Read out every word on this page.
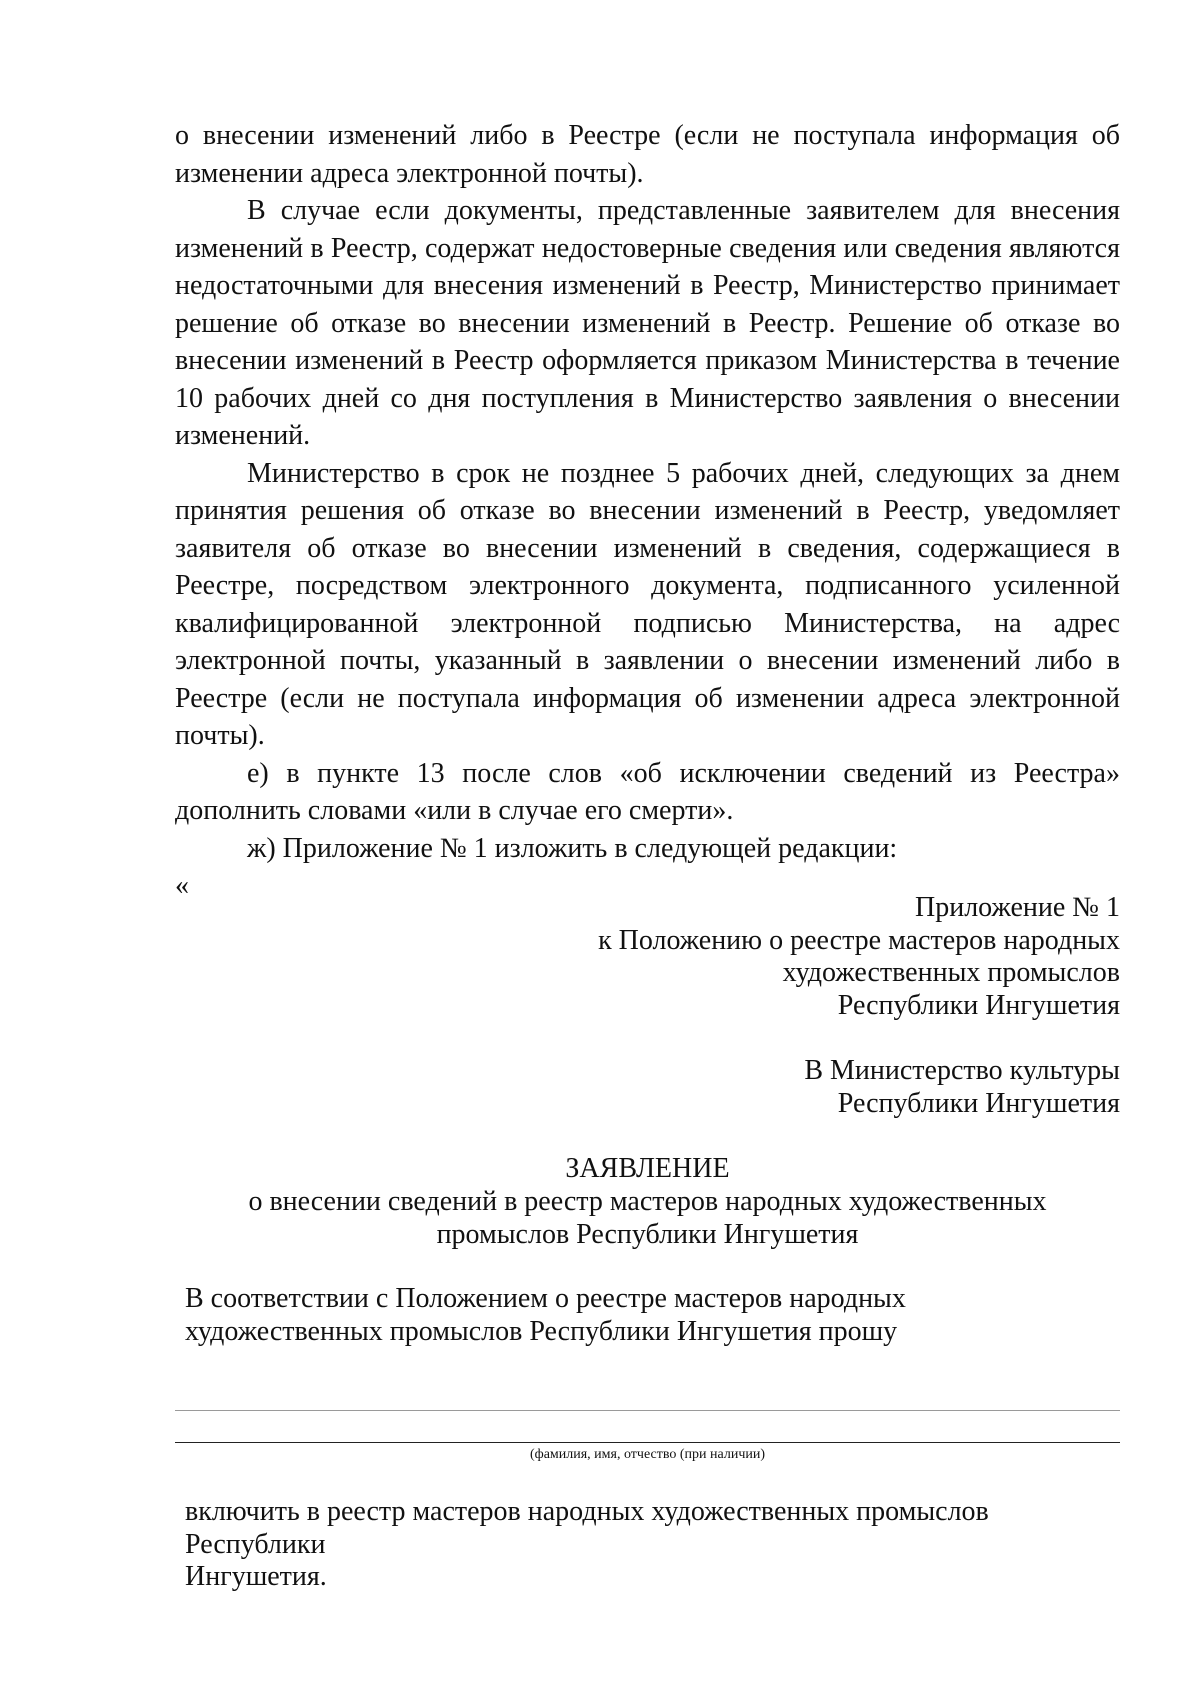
о внесении изменений либо в Реестре (если не поступала информация об изменении адреса электронной почты).

В случае если документы, представленные заявителем для внесения изменений в Реестр, содержат недостоверные сведения или сведения являются недостаточными для внесения изменений в Реестр, Министерство принимает решение об отказе во внесении изменений в Реестр. Решение об отказе во внесении изменений в Реестр оформляется приказом Министерства в течение 10 рабочих дней со дня поступления в Министерство заявления о внесении изменений.

Министерство в срок не позднее 5 рабочих дней, следующих за днем принятия решения об отказе во внесении изменений в Реестр, уведомляет заявителя об отказе во внесении изменений в сведения, содержащиеся в Реестре, посредством электронного документа, подписанного усиленной квалифицированной электронной подписью Министерства, на адрес электронной почты, указанный в заявлении о внесении изменений либо в Реестре (если не поступала информация об изменении адреса электронной почты).

е) в пункте 13 после слов «об исключении сведений из Реестра» дополнить словами «или в случае его смерти».

ж) Приложение № 1 изложить в следующей редакции:

«

Приложение № 1
к Положению о реестре мастеров народных
художественных промыслов
Республики Ингушетия
В Министерство культуры
Республики Ингушетия
ЗАЯВЛЕНИЕ
о внесении сведений в реестр мастеров народных художественных
промыслов Республики Ингушетия
В соответствии с Положением о реестре мастеров народных
художественных промыслов Республики Ингушетия прошу
(фамилия, имя, отчество (при наличии)
включить в реестр мастеров народных художественных промыслов Республики
Ингушетия.
